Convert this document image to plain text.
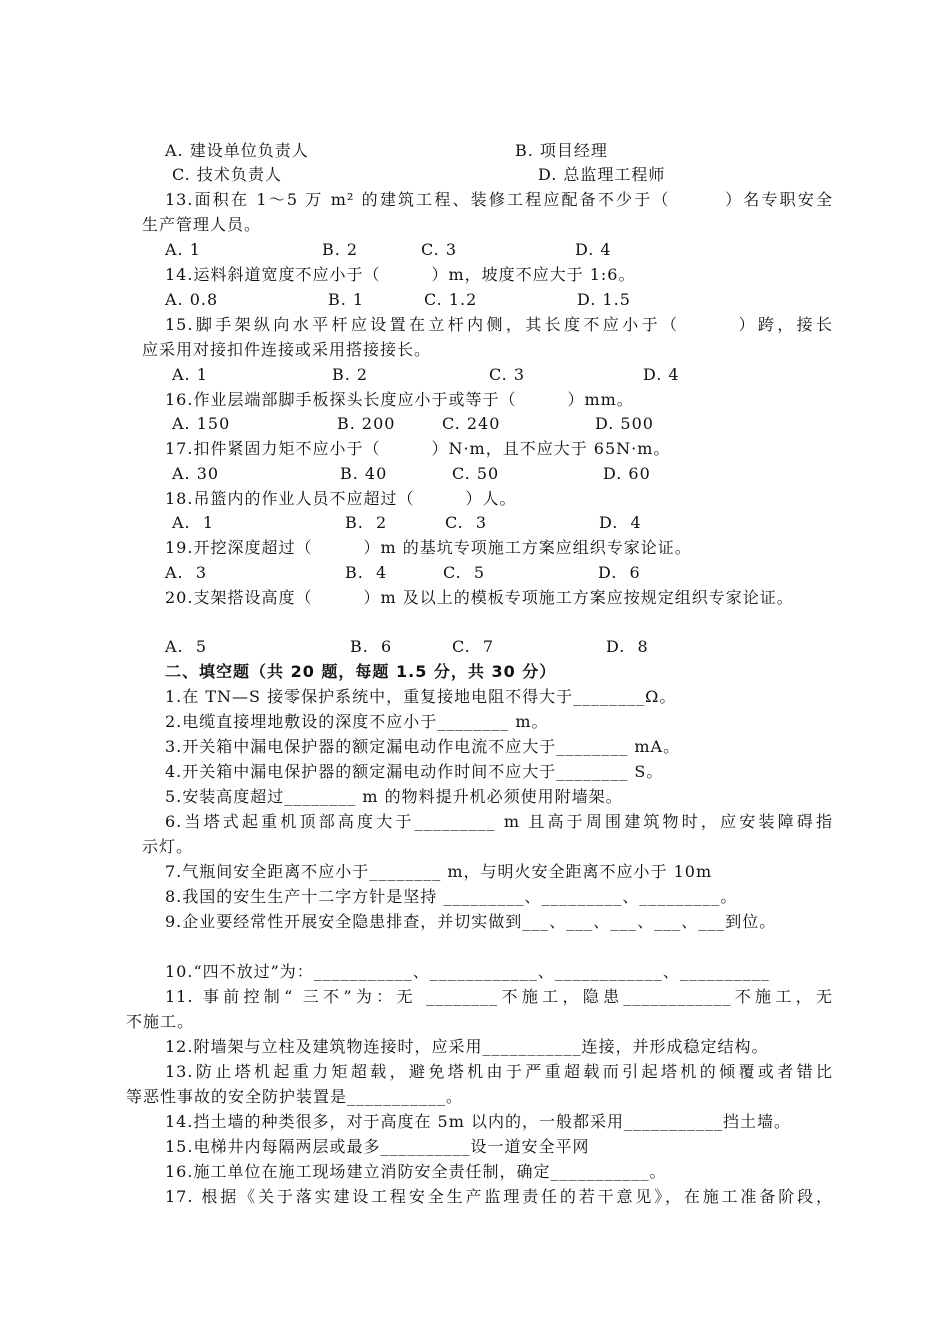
A. 建设单位负责人	B. 项目经理
C. 技术负责人	D. 总监理工程师
13.面积在 1～5 万 m² 的建筑工程、装修工程应配备不少于（　　　）名专职安全
生产管理人员。
A. 1	B. 2	C. 3	D. 4
14.运料斜道宽度不应小于（　　　）m，坡度不应大于 1:6。
A. 0.8	B. 1	C. 1.2	D. 1.5
15.脚手架纵向水平杆应设置在立杆内侧，其长度不应小于（　　　）跨，接长
应采用对接扣件连接或采用搭接接长。
A. 1	B. 2	C. 3	D. 4
16.作业层端部脚手板探头长度应小于或等于（　　　）mm。
A. 150	B. 200	C. 240	D. 500
17.扣件紧固力矩不应小于（　　　）N·m，且不应大于 65N·m。
A. 30	B. 40	C. 50	D. 60
18.吊篮内的作业人员不应超过（　　　）人。
A.  1	B.  2	C.  3	D.  4
19.开挖深度超过（　　　）m 的基坑专项施工方案应组织专家论证。
A.  3	B.  4	C.  5	D.  6
20.支架搭设高度（　　　）m 及以上的模板专项施工方案应按规定组织专家论证。
A.  5	B.  6	C.  7	D.  8
二、填空题（共 20 题，每题 1.5 分，共 30 分）
1.在 TN—S 接零保护系统中，重复接地电阻不得大于________Ω。
2.电缆直接埋地敷设的深度不应小于________ m。
3.开关箱中漏电保护器的额定漏电动作电流不应大于________ mA。
4.开关箱中漏电保护器的额定漏电动作时间不应大于________ S。
5.安装高度超过________ m 的物料提升机必须使用附墙架。
6.当塔式起重机顶部高度大于_________ m 且高于周围建筑物时，应安装障碍指
示灯。
7.气瓶间安全距离不应小于________ m，与明火安全距离不应小于 10m
8.我国的安生生产十二字方针是坚持 _________、_________、_________。
9.企业要经常性开展安全隐患排查，并切实做到___、___、___、___、___到位。
10.“四不放过”为：___________、____________、____________、__________
11. 事前控制“ 三不”为：无 ________不施工，隐患____________不施工，无
不施工。
12.附墙架与立柱及建筑物连接时，应采用___________连接，并形成稳定结构。
13.防止塔机起重力矩超载，避免塔机由于严重超载而引起塔机的倾覆或者错比
等恶性事故的安全防护装置是___________。
14.挡土墙的种类很多，对于高度在 5m 以内的，一般都采用___________挡土墙。
15.电梯井内每隔两层或最多__________设一道安全平网
16.施工单位在施工现场建立消防安全责任制，确定___________。
17. 根据《关于落实建设工程安全生产监理责任的若干意见》，在施工准备阶段，
